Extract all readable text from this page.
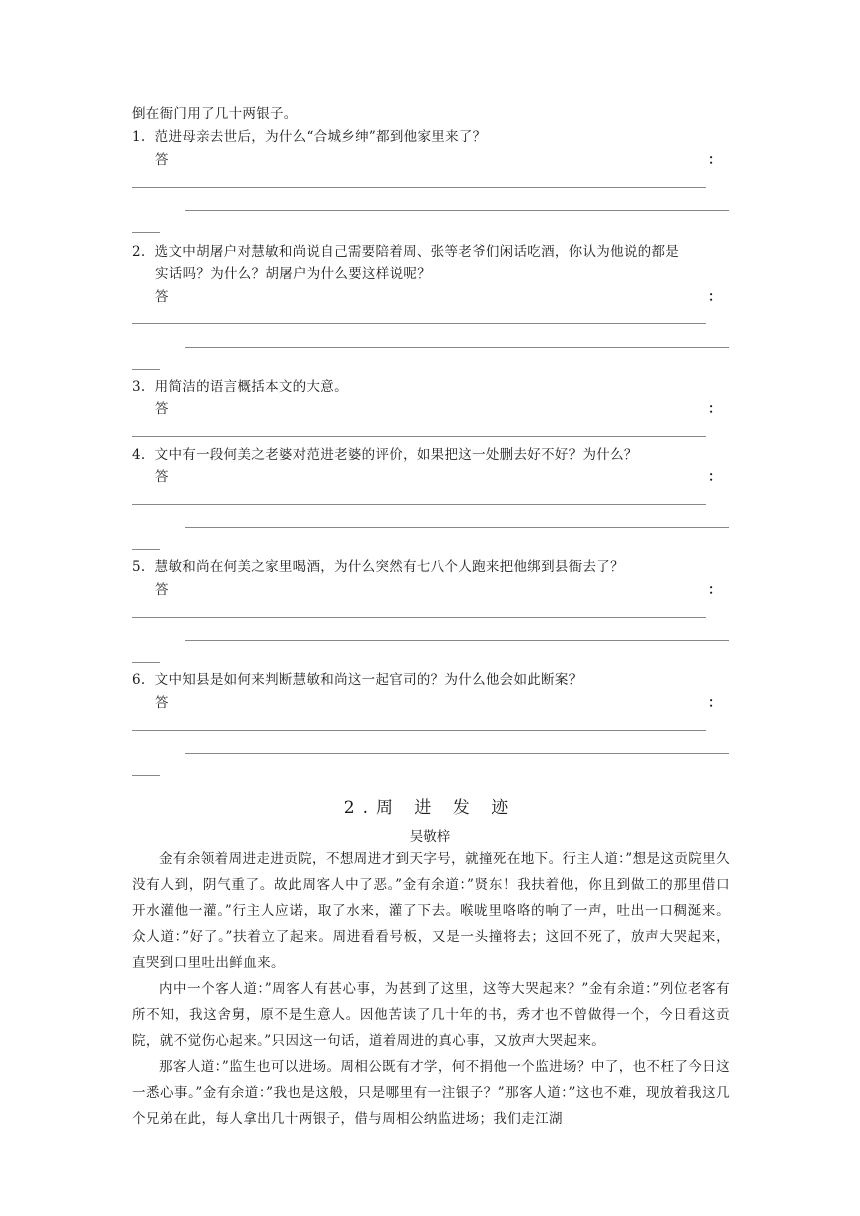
倒在衙门用了几十两银子。
1. 范进母亲去世后，为什么“合城乡绅”都到他家里来了？
答	：
2. 选文中胡屠户对慧敏和尚说自己需要陪着周、张等老爷们闲话吃酒，你认为他说的都是
实话吗？为什么？胡屠户为什么要这样说呢？
答	：
3. 用简洁的语言概括本文的大意。
答	：
4. 文中有一段何美之老婆对范进老婆的评价，如果把这一处删去好不好？为什么？
答	：
5. 慧敏和尚在何美之家里喝酒，为什么突然有七八个人跑来把他绑到县衙去了？
答	：
6. 文中知县是如何来判断慧敏和尚这一起官司的？为什么他会如此断案？
答	：
2.周 进 发 迹
吴敬梓
金有余领着周进走进贡院，不想周进才到天字号，就撞死在地下。行主人道：”想是这贡院里久没有人到，阴气重了。故此周客人中了恶。”金有余道：”贤东！我扶着他，你且到做工的那里借口开水灌他一灌。”行主人应诺，取了水来，灌了下去。喉咙里咯咯的响了一声，吐出一口稠涎来。众人道：”好了。”扶着立了起来。周进看看号板，又是一头撞将去；这回不死了，放声大哭起来，直哭到口里吐出鲜血来。
内中一个客人道：”周客人有甚心事，为甚到了这里，这等大哭起来？”金有余道：”列位老客有所不知，我这舍舅，原不是生意人。因他苦读了几十年的书，秀才也不曾做得一个，今日看这贡院，就不觉伤心起来。”只因这一句话，道着周进的真心事，又放声大哭起来。
那客人道：”监生也可以进场。周相公既有才学，何不捐他一个监进场？中了，也不枉了今日这一悉心事。”金有余道：”我也是这般，只是哪里有一注银子？”那客人道：”这也不难，现放着我这几个兄弟在此，每人拿出几十两银子，借与周相公纳监进场；我们走江湖
